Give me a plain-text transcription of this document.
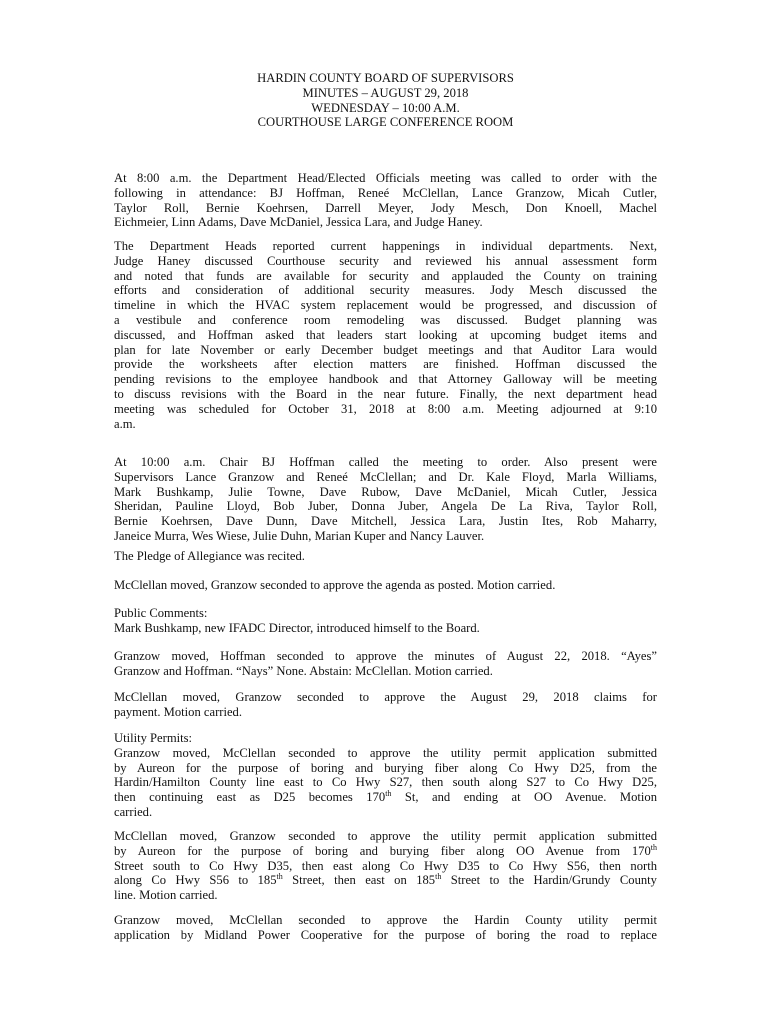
HARDIN COUNTY BOARD OF SUPERVISORS
MINUTES – AUGUST 29, 2018
WEDNESDAY – 10:00 A.M.
COURTHOUSE LARGE CONFERENCE ROOM
At 8:00 a.m. the Department Head/Elected Officials meeting was called to order with the
following in attendance: BJ Hoffman, Reneé McClellan, Lance Granzow, Micah Cutler,
Taylor Roll, Bernie Koehrsen, Darrell Meyer, Jody Mesch, Don Knoell, Machel
Eichmeier, Linn Adams, Dave McDaniel, Jessica Lara, and Judge Haney.
The Department Heads reported current happenings in individual departments. Next,
Judge Haney discussed Courthouse security and reviewed his annual assessment form
and noted that funds are available for security and applauded the County on training
efforts and consideration of additional security measures. Jody Mesch discussed the
timeline in which the HVAC system replacement would be progressed, and discussion of
a vestibule and conference room remodeling was discussed. Budget planning was
discussed, and Hoffman asked that leaders start looking at upcoming budget items and
plan for late November or early December budget meetings and that Auditor Lara would
provide the worksheets after election matters are finished. Hoffman discussed the
pending revisions to the employee handbook and that Attorney Galloway will be meeting
to discuss revisions with the Board in the near future. Finally, the next department head
meeting was scheduled for October 31, 2018 at 8:00 a.m. Meeting adjourned at 9:10
a.m.
At 10:00 a.m. Chair BJ Hoffman called the meeting to order. Also present were
Supervisors Lance Granzow and Reneé McClellan; and Dr. Kale Floyd, Marla Williams,
Mark Bushkamp, Julie Towne, Dave Rubow, Dave McDaniel, Micah Cutler, Jessica
Sheridan, Pauline Lloyd, Bob Juber, Donna Juber, Angela De La Riva, Taylor Roll,
Bernie Koehrsen, Dave Dunn, Dave Mitchell, Jessica Lara, Justin Ites, Rob Maharry,
Janeice Murra, Wes Wiese, Julie Duhn, Marian Kuper and Nancy Lauver.
The Pledge of Allegiance was recited.
McClellan moved, Granzow seconded to approve the agenda as posted. Motion carried.
Public Comments:
Mark Bushkamp, new IFADC Director, introduced himself to the Board.
Granzow moved, Hoffman seconded to approve the minutes of August 22, 2018. “Ayes”
Granzow and Hoffman. “Nays” None. Abstain: McClellan. Motion carried.
McClellan moved, Granzow seconded to approve the August 29, 2018 claims for
payment. Motion carried.
Utility Permits:
Granzow moved, McClellan seconded to approve the utility permit application submitted
by Aureon for the purpose of boring and burying fiber along Co Hwy D25, from the
Hardin/Hamilton County line east to Co Hwy S27, then south along S27 to Co Hwy D25,
then continuing east as D25 becomes 170th St, and ending at OO Avenue. Motion
carried.
McClellan moved, Granzow seconded to approve the utility permit application submitted
by Aureon for the purpose of boring and burying fiber along OO Avenue from 170th
Street south to Co Hwy D35, then east along Co Hwy D35 to Co Hwy S56, then north
along Co Hwy S56 to 185th Street, then east on 185th Street to the Hardin/Grundy County
line. Motion carried.
Granzow moved, McClellan seconded to approve the Hardin County utility permit
application by Midland Power Cooperative for the purpose of boring the road to replace
